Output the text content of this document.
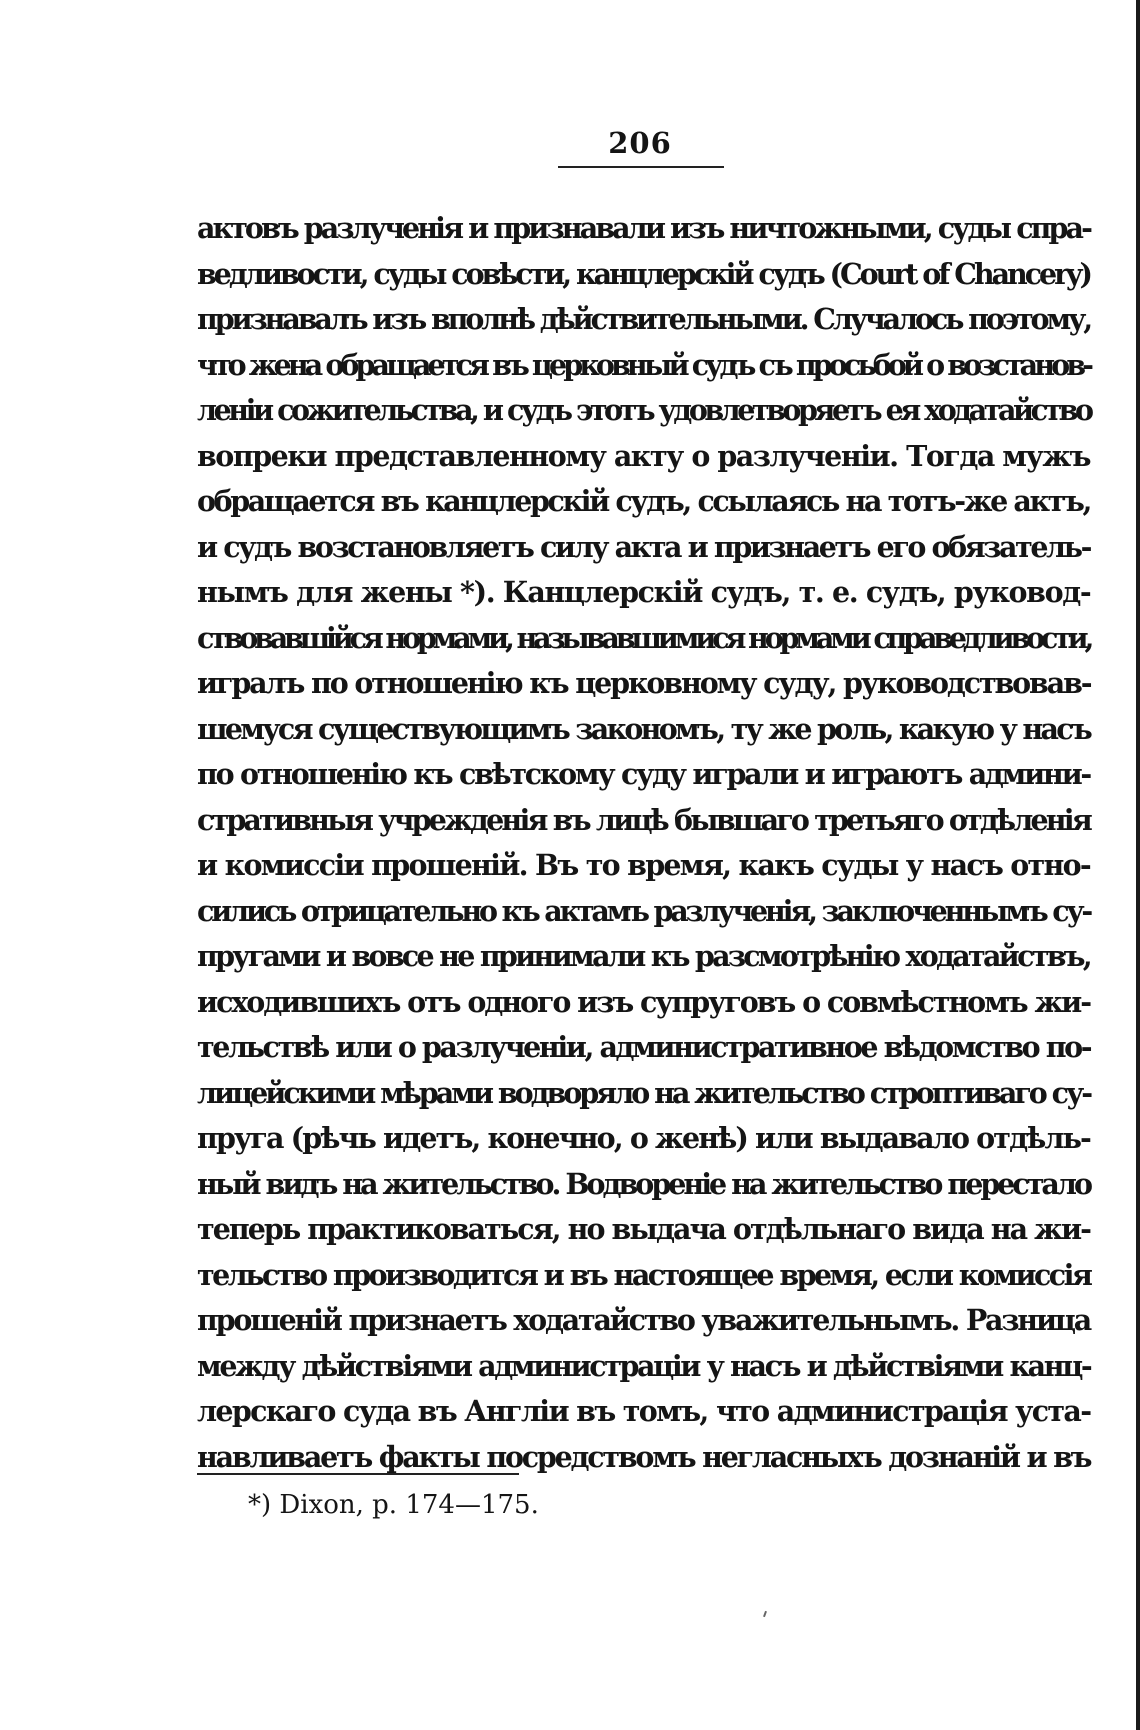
206
актовъ разлученія и признавали изъ ничтожными, суды спра-
ведливости, суды совѣсти, канцлерскій судъ (Court of Chancery)
признавалъ изъ вполнѣ дѣйствительными. Случалось поэтому,
что жена обращается въ церковный судъ съ просьбой о возстанов-
леніи сожительства, и судъ этотъ удовлетворяетъ ея ходатайство
вопреки представленному акту о разлученіи. Тогда мужъ
обращается въ канцлерскій судъ, ссылаясь на тотъ-же актъ,
и судъ возстановляетъ силу акта и признаетъ его обязатель-
нымъ для жены *). Канцлерскій судъ, т. е. судъ, руковод-
ствовавшійся нормами, называвшимися нормами справедливости,
игралъ по отношенію къ церковному суду, руководствовав-
шемуся существующимъ закономъ, ту же роль, какую у насъ
по отношенію къ свѣтскому суду играли и играютъ админи-
стративныя учрежденія въ лицѣ бывшаго третьяго отдѣленія
и комиссіи прошеній. Въ то время, какъ суды у насъ отно-
сились отрицательно къ актамъ разлученія, заключеннымъ су-
пругами и вовсе не принимали къ разсмотрѣнію ходатайствъ,
исходившихъ отъ одного изъ супруговъ о совмѣстномъ жи-
тельствѣ или о разлученіи, административное вѣдомство по-
лицейскими мѣрами водворяло на жительство строптиваго су-
пруга (рѣчь идетъ, конечно, о женѣ) или выдавало отдѣль-
ный видъ на жительство. Водвореніе на жительство перестало
теперь практиковаться, но выдача отдѣльнаго вида на жи-
тельство производится и въ настоящее время, если комиссія
прошеній признаетъ ходатайство уважительнымъ. Разница
между дѣйствіями администраціи у насъ и дѣйствіями канц-
лерскаго суда въ Англіи въ томъ, что администрація уста-
навливаетъ факты посредствомъ негласныхъ дознаній и въ
*) Dixon, p. 174—175.
